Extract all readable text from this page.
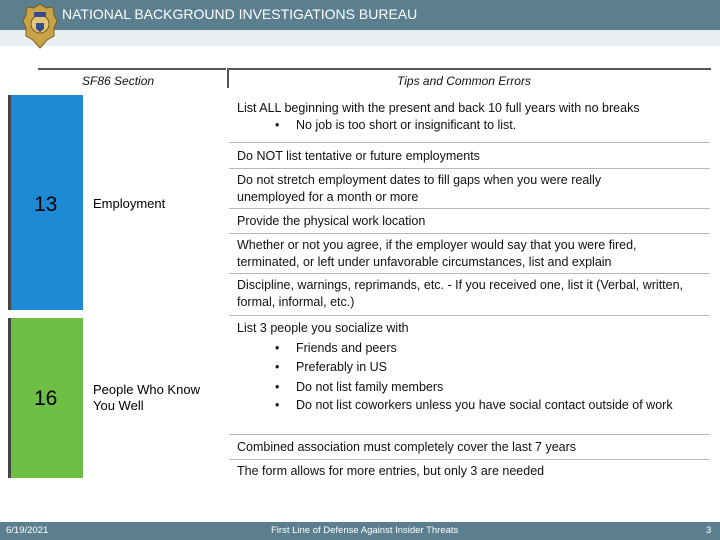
NATIONAL BACKGROUND INVESTIGATIONS BUREAU
SF86 Section	Tips and Common Errors
13	Employment
List ALL beginning with the present and back 10 full years with no breaks
• No job is too short or insignificant to list.
Do NOT list tentative or future employments
Do not stretch employment dates to fill gaps when you were really unemployed for a month or more
Provide the physical work location
Whether or not you agree, if the employer would say that you were fired, terminated, or left under unfavorable circumstances, list and explain
Discipline, warnings, reprimands, etc. - If you received one, list it (Verbal, written, formal, informal, etc.)
16	People Who Know You Well
List 3 people you socialize with
• Friends and peers
• Preferably in US
• Do not list family members
• Do not list coworkers unless you have social contact outside of work
Combined association must completely cover the last 7 years
The form allows for more entries, but only 3 are needed
6/19/2021	First Line of Defense Against Insider Threats	3
